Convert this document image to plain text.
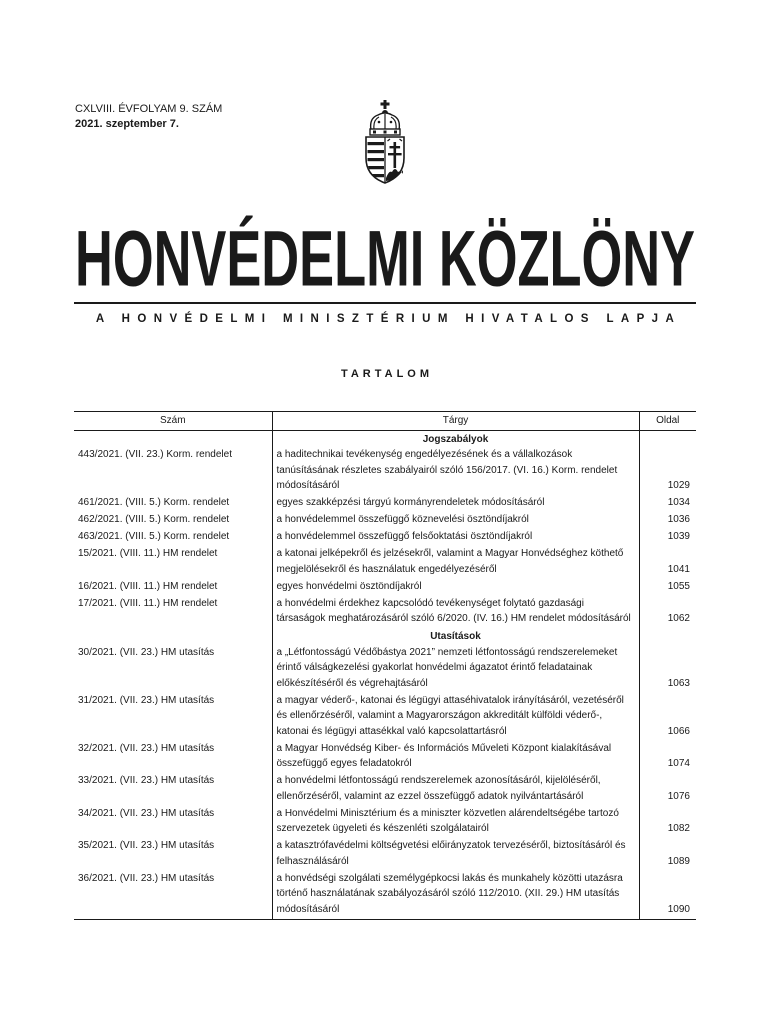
CXLVIII. ÉVFOLYAM 9. SZÁM
2021. szeptember 7.
HONVÉDELMI KÖZLÖNY
A HONVÉDELMI MINISZTÉRIUM HIVATALOS LAPJA
TARTALOM
Szám	Tárgy	Oldal
	Jogszabályok	
443/2021. (VII. 23.) Korm. rendelet	a haditechnikai tevékenység engedélyezésének és a vállalkozások tanúsításának részletes szabályairól szóló 156/2017. (VI. 16.) Korm. rendelet módosításáról	1029
461/2021. (VIII. 5.) Korm. rendelet	egyes szakképzési tárgyú kormányrendeletek módosításáról	1034
462/2021. (VIII. 5.) Korm. rendelet	a honvédelemmel összefüggő köznevelési ösztöndíjakról	1036
463/2021. (VIII. 5.) Korm. rendelet	a honvédelemmel összefüggő felsőoktatási ösztöndíjakról	1039
15/2021. (VIII. 11.) HM rendelet	a katonai jelképekről és jelzésekről, valamint a Magyar Honvédséghez köthető megjelölésekről és használatuk engedélyezéséről	1041
16/2021. (VIII. 11.) HM rendelet	egyes honvédelmi ösztöndíjakról	1055
17/2021. (VIII. 11.) HM rendelet	a honvédelmi érdekhez kapcsolódó tevékenységet folytató gazdasági társaságok meghatározásáról szóló 6/2020. (IV. 16.) HM rendelet módosításáról	1062
	Utasítások	
30/2021. (VII. 23.) HM utasítás	a „Létfontosságú Védőbástya 2021” nemzeti létfontosságú rendszerelemeket érintő válságkezelési gyakorlat honvédelmi ágazatot érintő feladatainak előkészítéséről és végrehajtásáról	1063
31/2021. (VII. 23.) HM utasítás	a magyar véderő-, katonai és légügyi attaséhivatalok irányításáról, vezetéséről és ellenőrzéséről, valamint a Magyarországon akkreditált külföldi véderő-, katonai és légügyi attasékkal való kapcsolattartásról	1066
32/2021. (VII. 23.) HM utasítás	a Magyar Honvédség Kiber- és Információs Műveleti Központ kialakításával összefüggő egyes feladatokról	1074
33/2021. (VII. 23.) HM utasítás	a honvédelmi létfontosságú rendszerelemek azonosításáról, kijelöléséről, ellenőrzéséről, valamint az ezzel összefüggő adatok nyilvántartásáról	1076
34/2021. (VII. 23.) HM utasítás	a Honvédelmi Minisztérium és a miniszter közvetlen alárendeltségébe tartozó szervezetek ügyeleti és készenléti szolgálatairól	1082
35/2021. (VII. 23.) HM utasítás	a katasztrófavédelmi költségvetési előirányzatok tervezéséről, biztosításáról és felhasználásáról	1089
36/2021. (VII. 23.) HM utasítás	a honvédségi szolgálati személygépkocsi lakás és munkahely közötti utazásra történő használatának szabályozásáról szóló 112/2010. (XII. 29.) HM utasítás módosításáról	1090
